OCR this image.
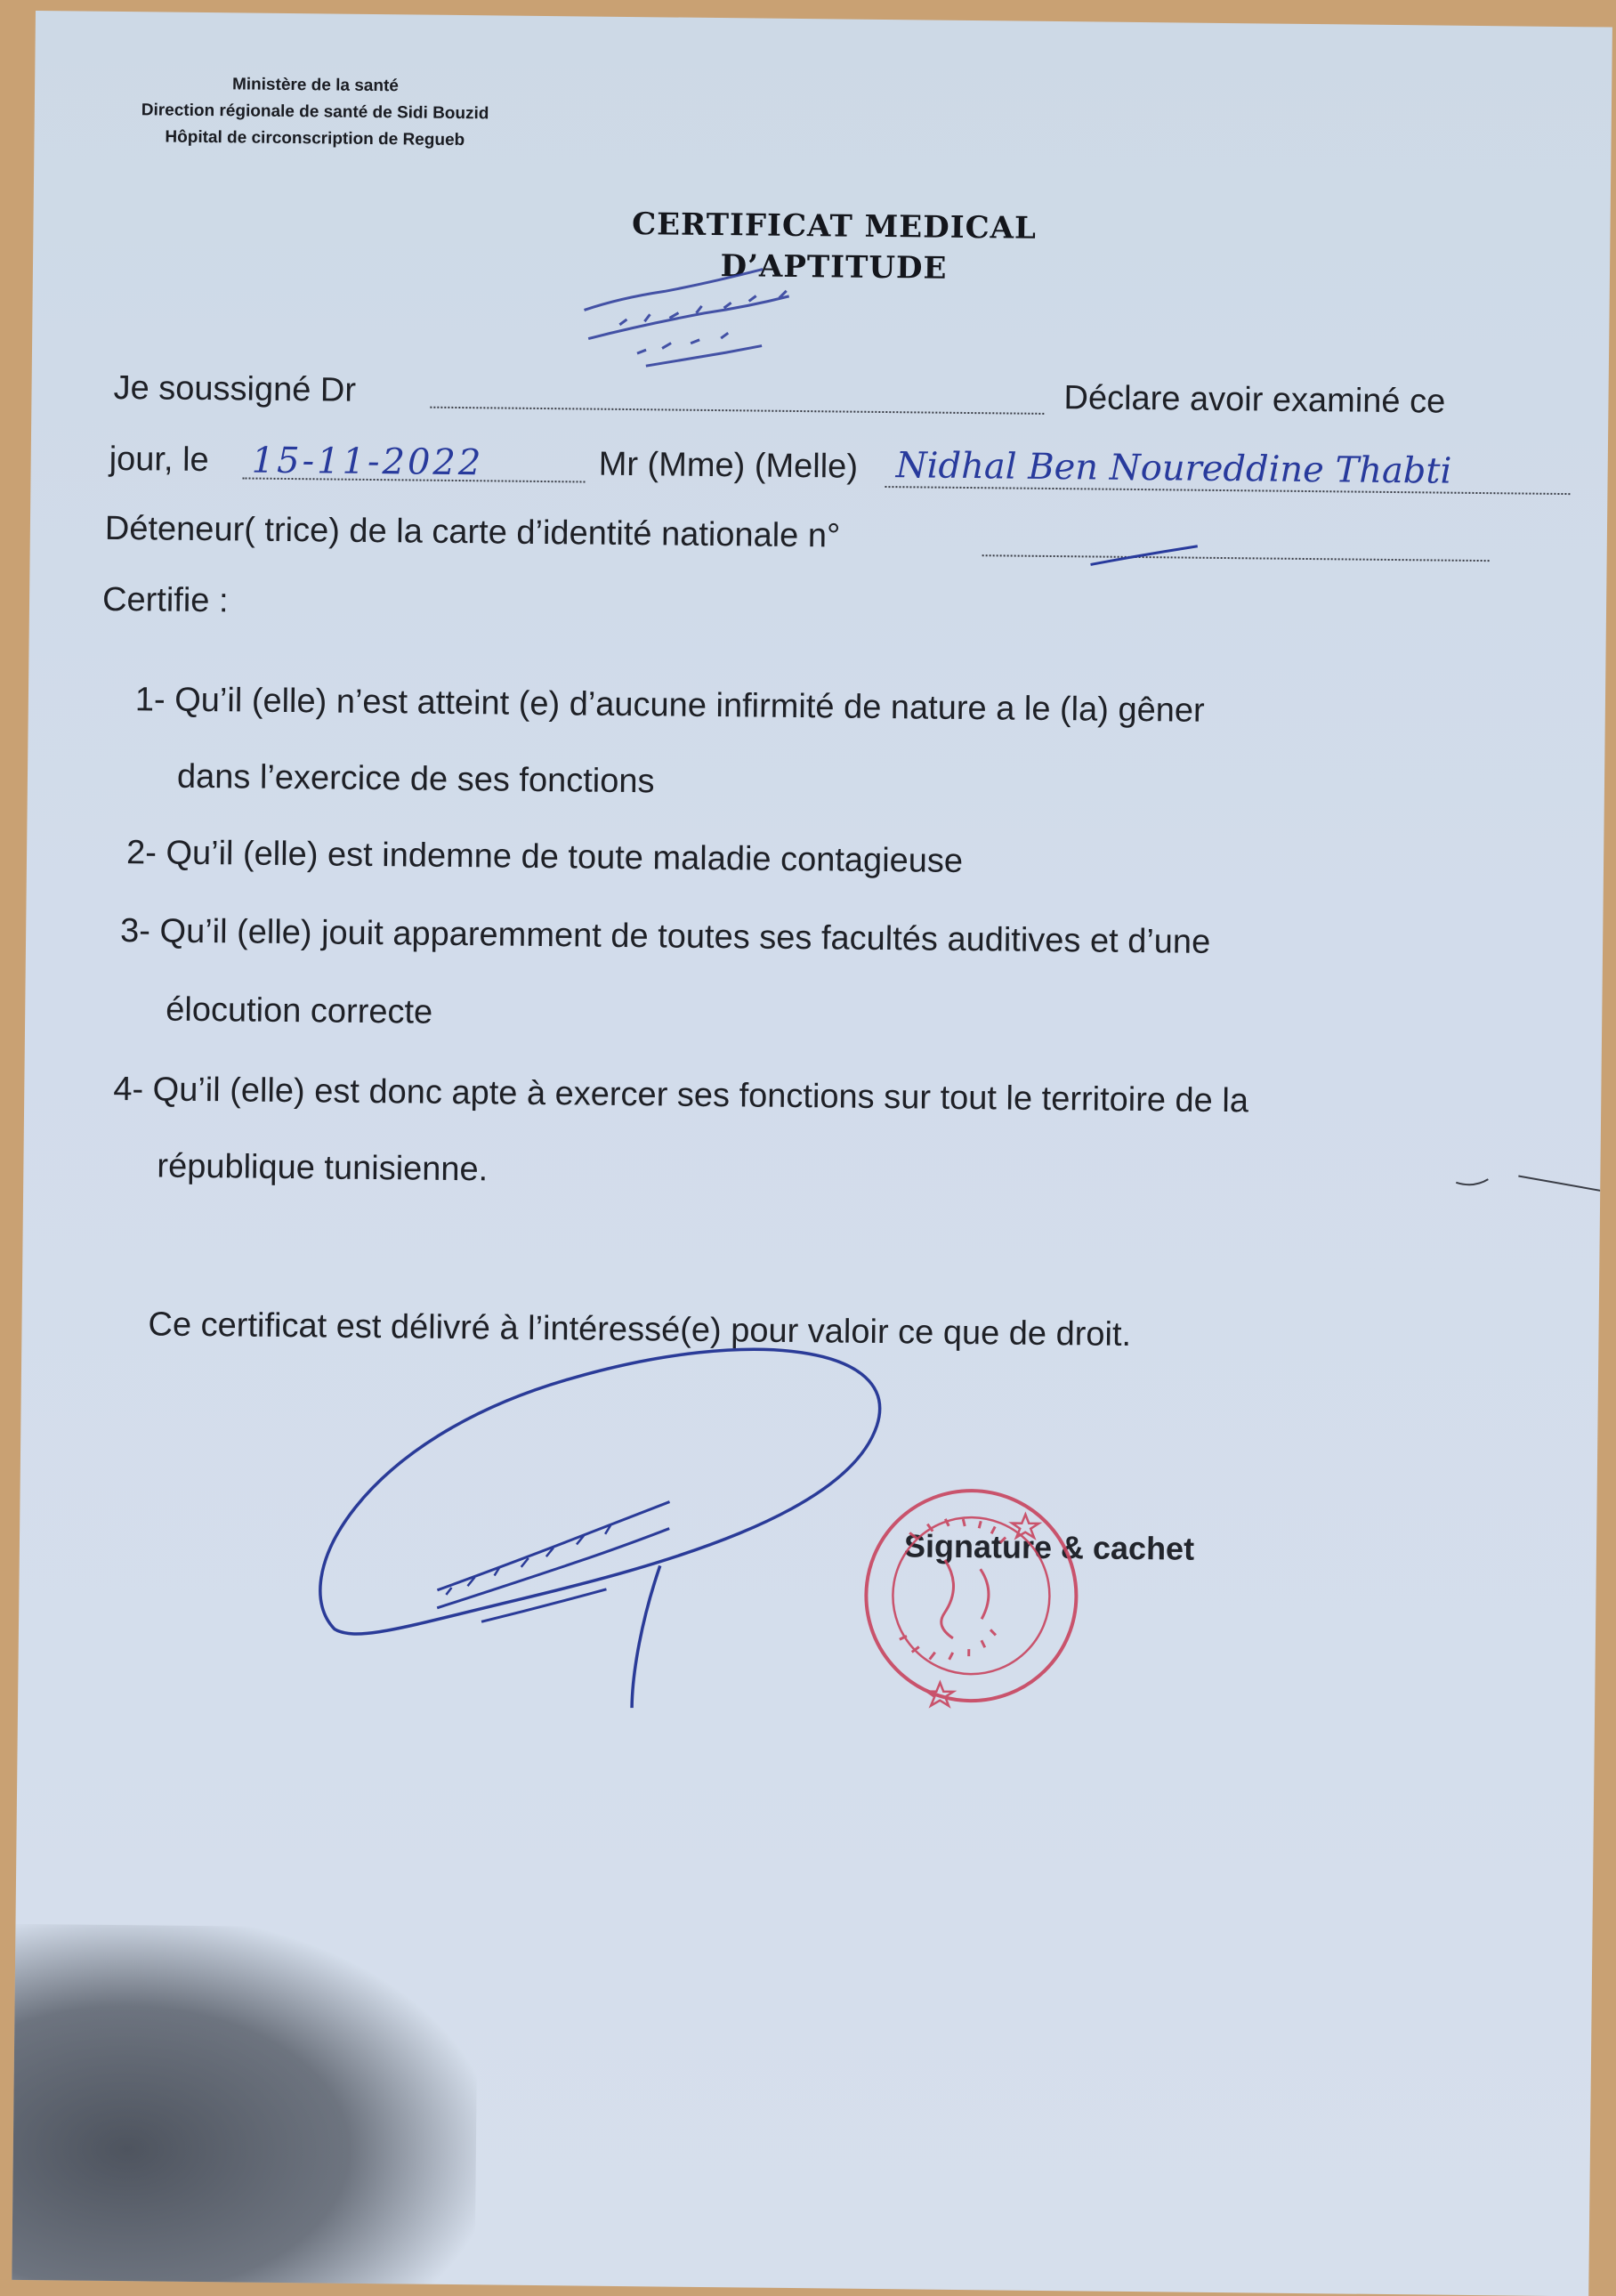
Ministère de la santé
Direction régionale de santé de Sidi Bouzid
Hôpital de circonscription de Regueb
CERTIFICAT MEDICAL
D’APTITUDE
Je soussigné Dr	Déclare avoir examiné ce
jour, le 15-11-2022	Mr (Mme) (Melle) Nidhal Ben Noureddine Thabti
Déteneur( trice) de la carte d’identité nationale n°
Certifie :
1- Qu’il (elle) n’est atteint (e) d’aucune infirmité de nature a le (la) gêner
dans l’exercice de ses fonctions
2- Qu’il (elle) est indemne de toute maladie contagieuse
3- Qu’il (elle) jouit apparemment de toutes ses facultés auditives et d’une
élocution correcte
4- Qu’il (elle) est donc apte à exercer ses fonctions sur tout le territoire de la
république tunisienne.
Ce certificat est délivré à l’intéressé(e) pour valoir ce que de droit.
Signature & cachet
